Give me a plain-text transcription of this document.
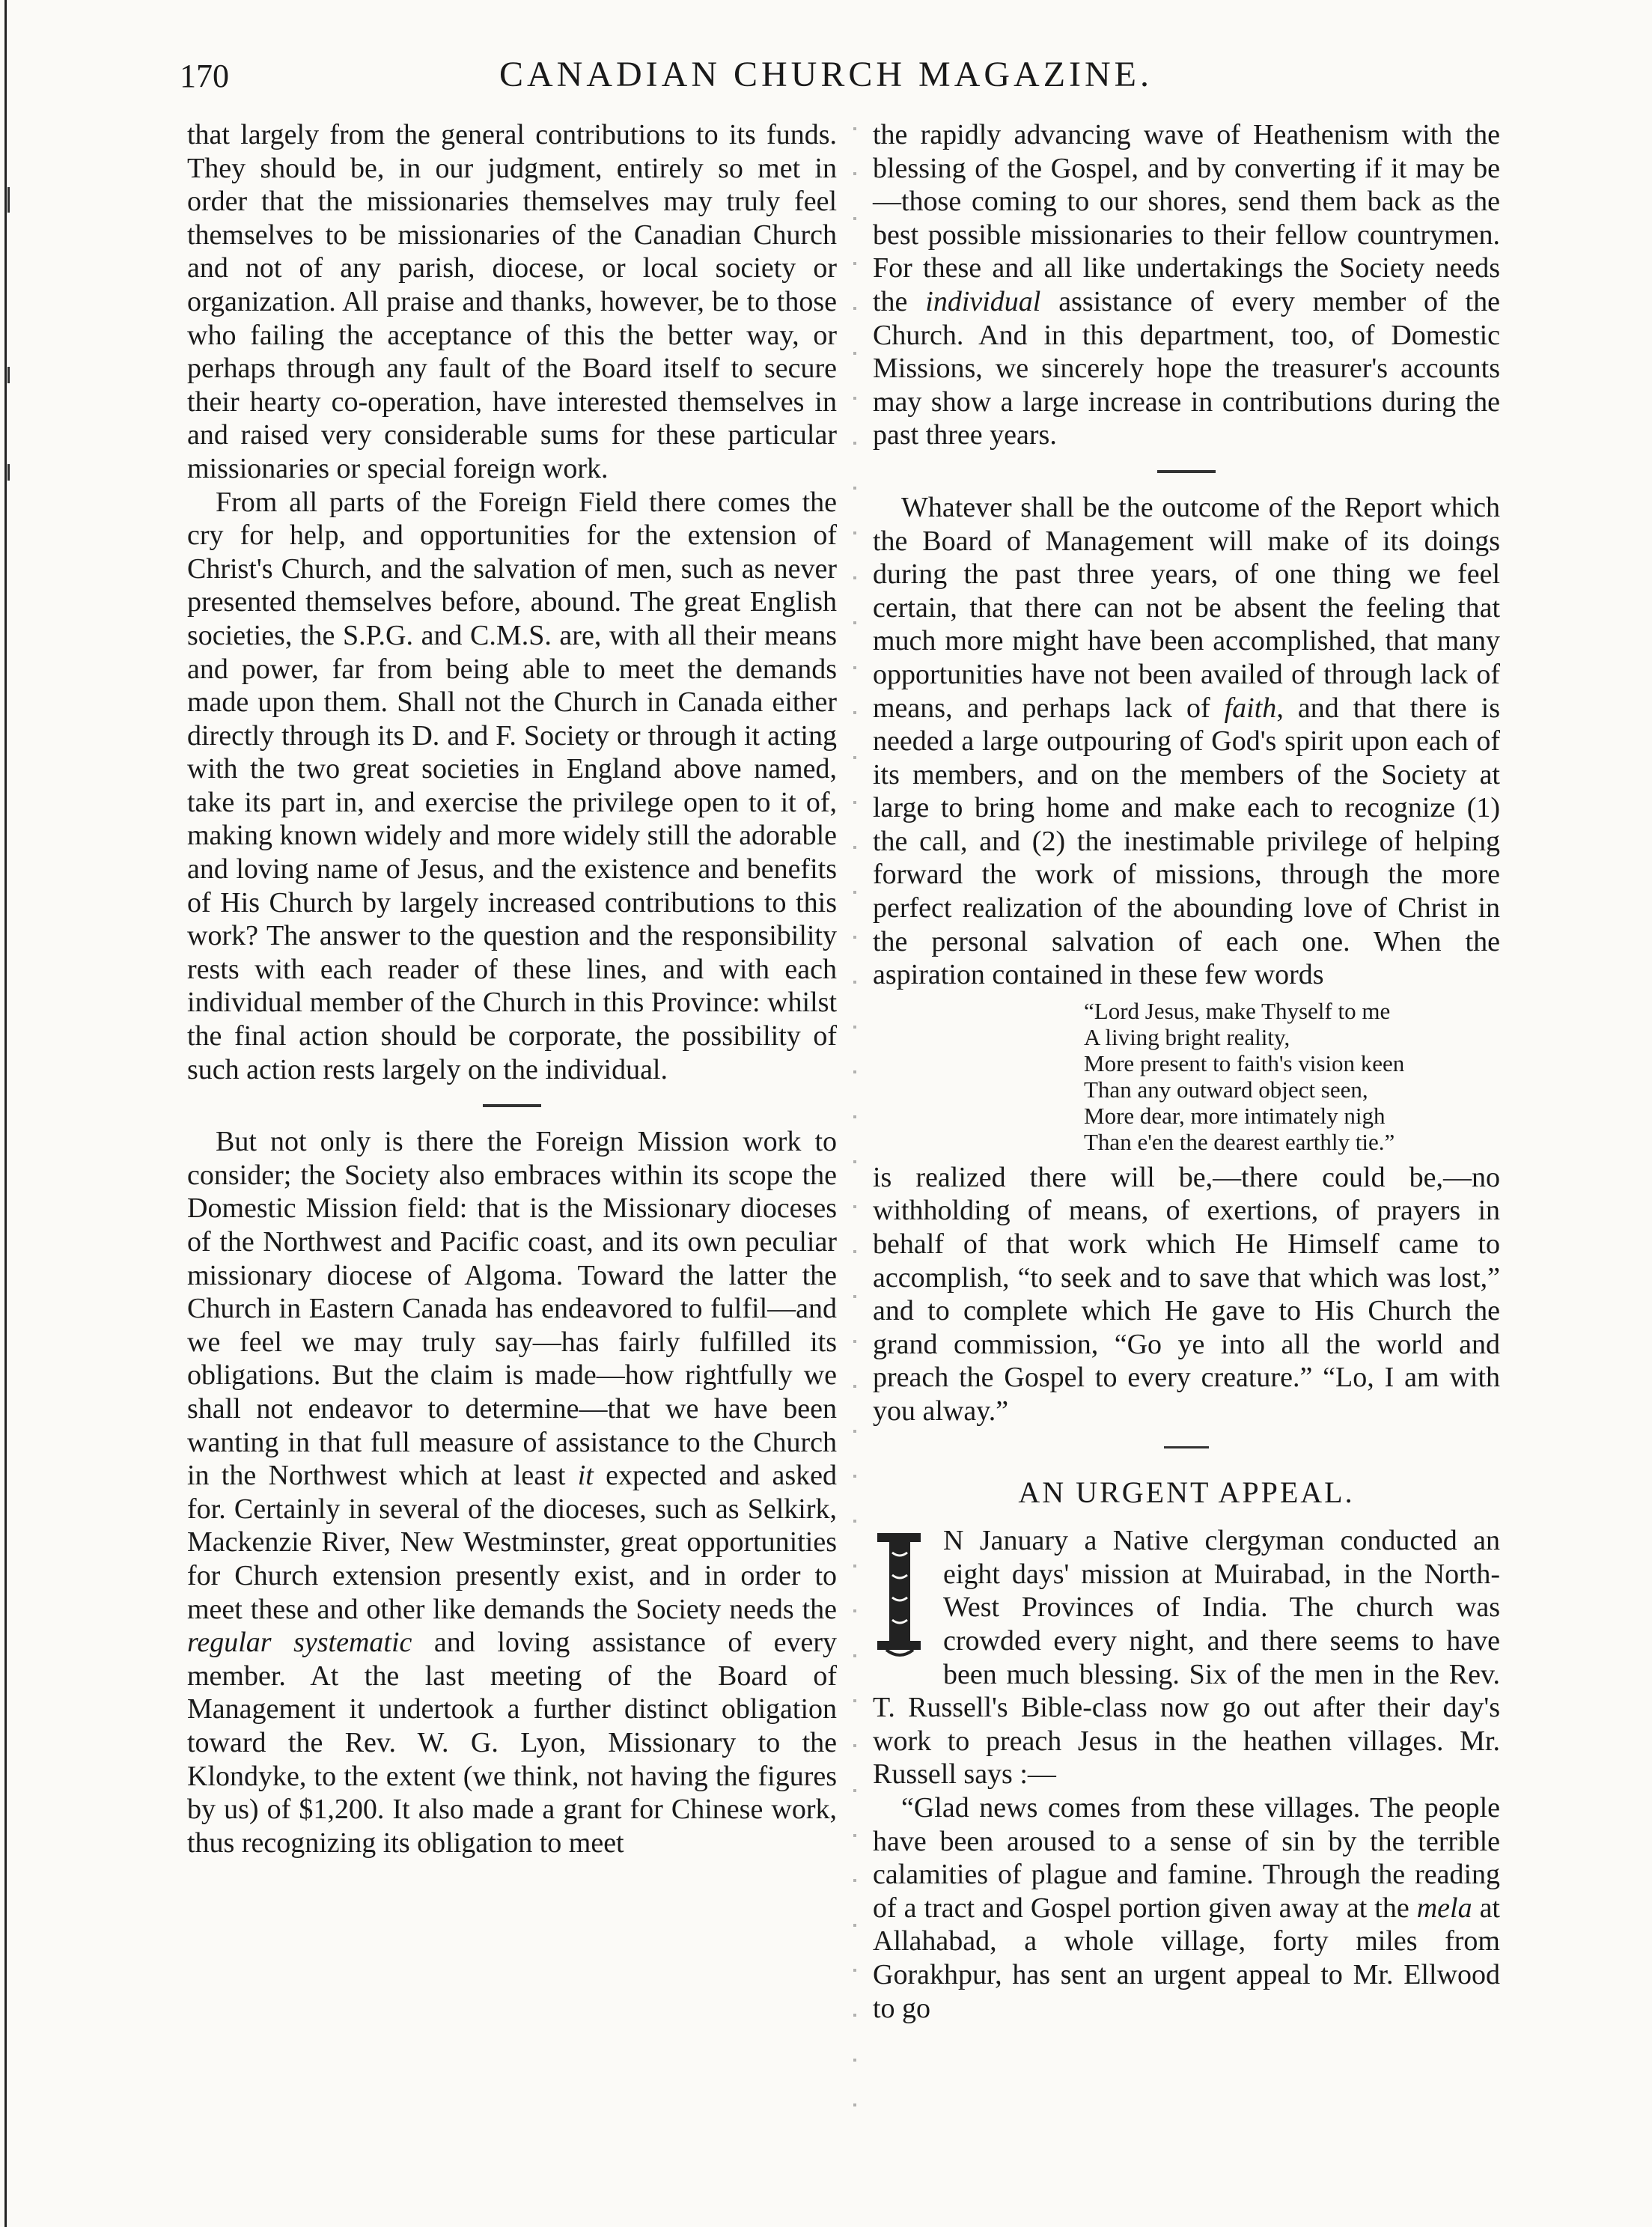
170	CANADIAN CHURCH MAGAZINE.

that largely from the general contributions to its funds. They should be, in our judgment, entirely so met in order that the missionaries themselves may truly feel themselves to be missionaries of the Canadian Church and not of any parish, diocese, or local society or organization. All praise and thanks, however, be to those who failing the acceptance of this the better way, or perhaps through any fault of the Board itself to secure their hearty co-operation, have interested themselves in and raised very considerable sums for these particular missionaries or special foreign work.

From all parts of the Foreign Field there comes the cry for help, and opportunities for the extension of Christ's Church, and the salvation of men, such as never presented themselves before, abound. The great English societies, the S.P.G. and C.M.S. are, with all their means and power, far from being able to meet the demands made upon them. Shall not the Church in Canada either directly through its D. and F. Society or through it acting with the two great societies in England above named, take its part in, and exercise the privilege open to it of, making known widely and more widely still the adorable and loving name of Jesus, and the existence and benefits of His Church by largely increased contributions to this work? The answer to the question and the responsibility rests with each reader of these lines, and with each individual member of the Church in this Province: whilst the final action should be corporate, the possibility of such action rests largely on the individual.

But not only is there the Foreign Mission work to consider; the Society also embraces within its scope the Domestic Mission field: that is the Missionary dioceses of the Northwest and Pacific coast, and its own peculiar missionary diocese of Algoma. Toward the latter the Church in Eastern Canada has endeavored to fulfil—and we feel we may truly say—has fairly fulfilled its obligations. But the claim is made—how rightfully we shall not endeavor to determine—that we have been wanting in that full measure of assistance to the Church in the Northwest which at least it expected and asked for. Certainly in several of the dioceses, such as Selkirk, Mackenzie River, New Westminster, great opportunities for Church extension presently exist, and in order to meet these and other like demands the Society needs the regular systematic and loving assistance of every member. At the last meeting of the Board of Management it undertook a further distinct obligation toward the Rev. W. G. Lyon, Missionary to the Klondyke, to the extent (we think, not having the figures by us) of $1,200. It also made a grant for Chinese work, thus recognizing its obligation to meet

the rapidly advancing wave of Heathenism with the blessing of the Gospel, and by converting if it may be—those coming to our shores, send them back as the best possible missionaries to their fellow countrymen. For these and all like undertakings the Society needs the individual assistance of every member of the Church. And in this department, too, of Domestic Missions, we sincerely hope the treasurer's accounts may show a large increase in contributions during the past three years.

Whatever shall be the outcome of the Report which the Board of Management will make of its doings during the past three years, of one thing we feel certain, that there can not be absent the feeling that much more might have been accomplished, that many opportunities have not been availed of through lack of means, and perhaps lack of faith, and that there is needed a large outpouring of God's spirit upon each of its members, and on the members of the Society at large to bring home and make each to recognize (1) the call, and (2) the inestimable privilege of helping forward the work of missions, through the more perfect realization of the abounding love of Christ in the personal salvation of each one. When the aspiration contained in these few words

“Lord Jesus, make Thyself to me
A living bright reality,
More present to faith's vision keen
Than any outward object seen,
More dear, more intimately nigh
Than e'en the dearest earthly tie.”

is realized there will be,—there could be,—no withholding of means, of exertions, of prayers in behalf of that work which He Himself came to accomplish, “to seek and to save that which was lost,” and to complete which He gave to His Church the grand commission, “Go ye into all the world and preach the Gospel to every creature.” “Lo, I am with you alway.”

AN URGENT APPEAL.

N January a Native clergyman conducted an eight days' mission at Muirabad, in the North-West Provinces of India. The church was crowded every night, and there seems to have been much blessing. Six of the men in the Rev. T. Russell's Bible-class now go out after their day's work to preach Jesus in the heathen villages. Mr. Russell says :—

“Glad news comes from these villages. The people have been aroused to a sense of sin by the terrible calamities of plague and famine. Through the reading of a tract and Gospel portion given away at the mela at Allahabad, a whole village, forty miles from Gorakhpur, has sent an urgent appeal to Mr. Ellwood to go
